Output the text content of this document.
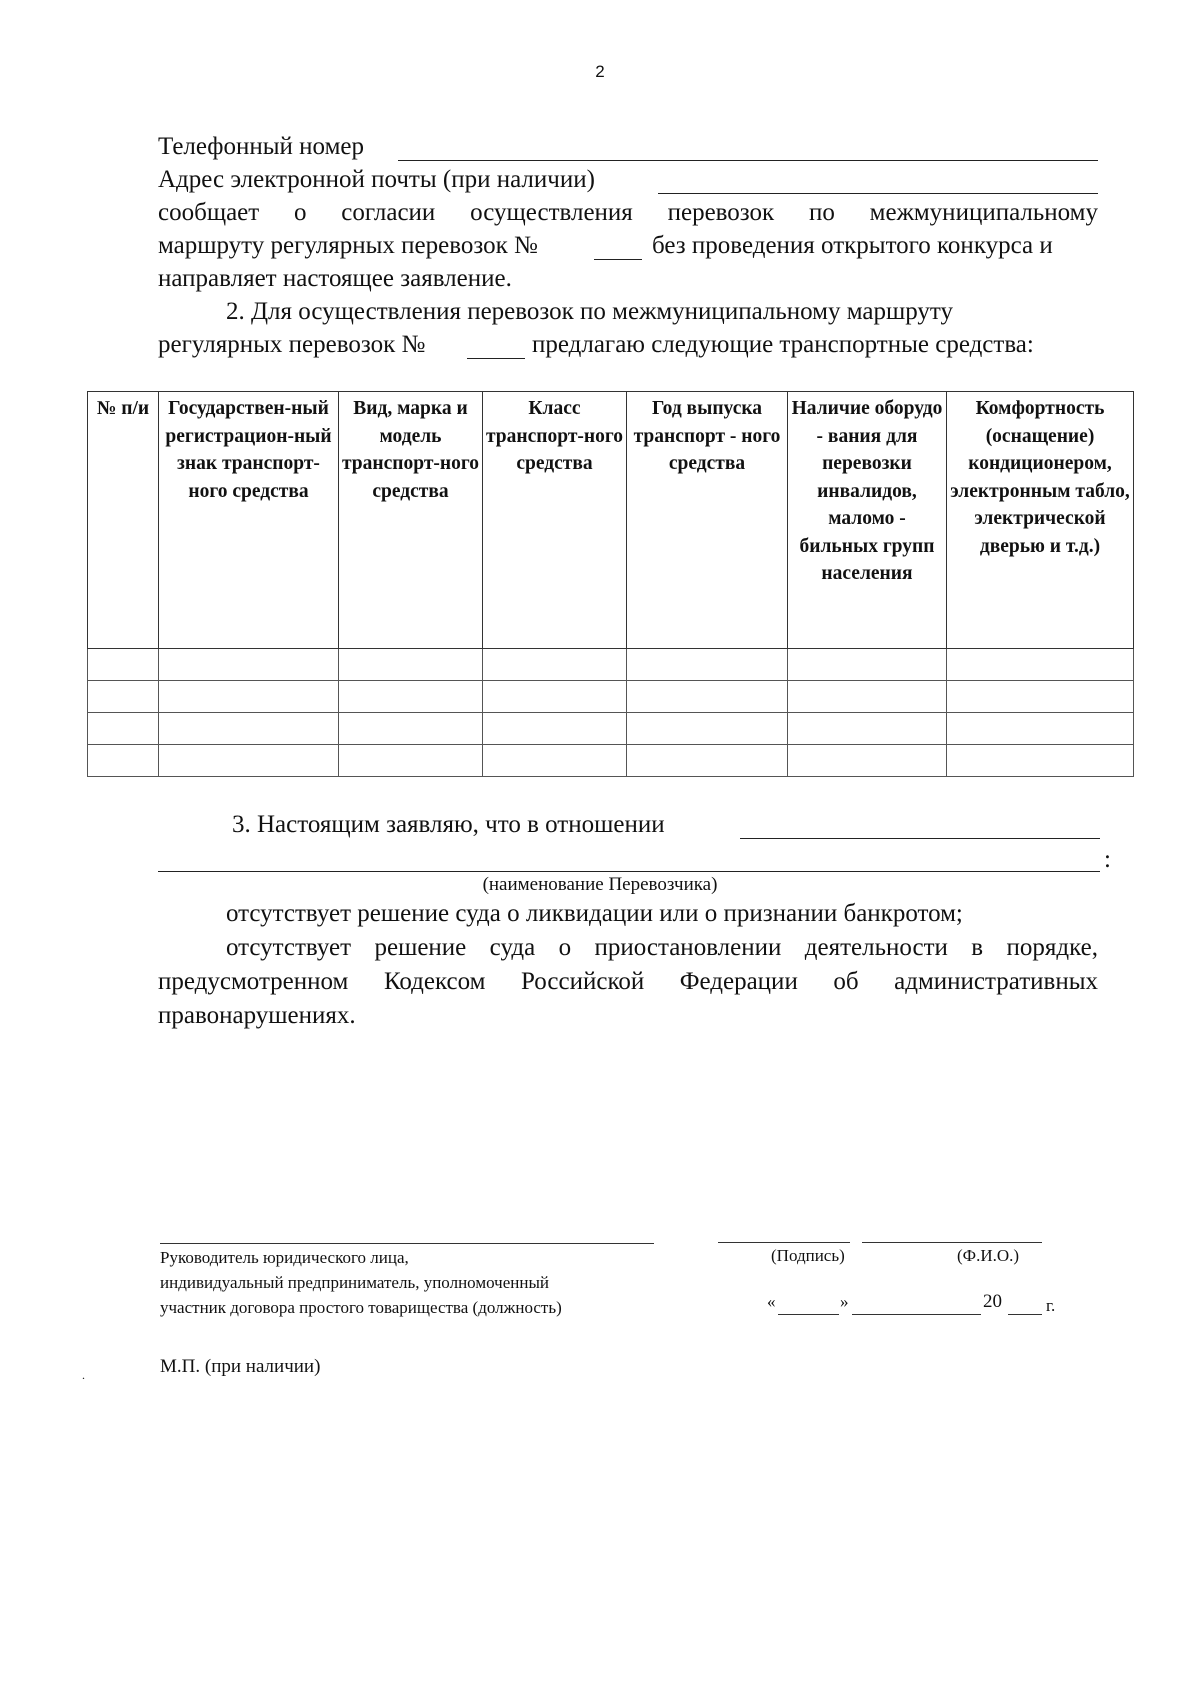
2
Телефонный номер
Адрес электронной почты (при наличии)
сообщает о согласии осуществления перевозок по межмуниципальному
маршруту регулярных перевозок №	без проведения открытого конкурса и
направляет настоящее заявление.
2. Для осуществления перевозок по межмуниципальному маршруту
регулярных перевозок №	предлагаю следующие транспортные средства:
№ п/и	Государствен-ный регистрацион-ный знак транспорт-ного средства	Вид, марка и модель транспорт-ного средства	Класс транспорт-ного средства	Год выпуска транспорт - ного средства	Наличие оборудо - вания для перевозки инвалидов, маломо - бильных групп населения	Комфортность (оснащение) кондиционером, электронным табло, электрической дверью и т.д.)

3. Настоящим заявляю, что в отношении
:
(наименование Перевозчика)
отсутствует решение суда о ликвидации или о признании банкротом;
отсутствует решение суда о приостановлении деятельности в порядке,
предусмотренном Кодексом Российской Федерации об административных
правонарушениях.
Руководитель юридического лица,
индивидуальный предприниматель, уполномоченный
участник договора простого товарищества (должность)
(Подпись)	(Ф.И.О.)
«	»	20	г.
.	М.П. (при наличии)
